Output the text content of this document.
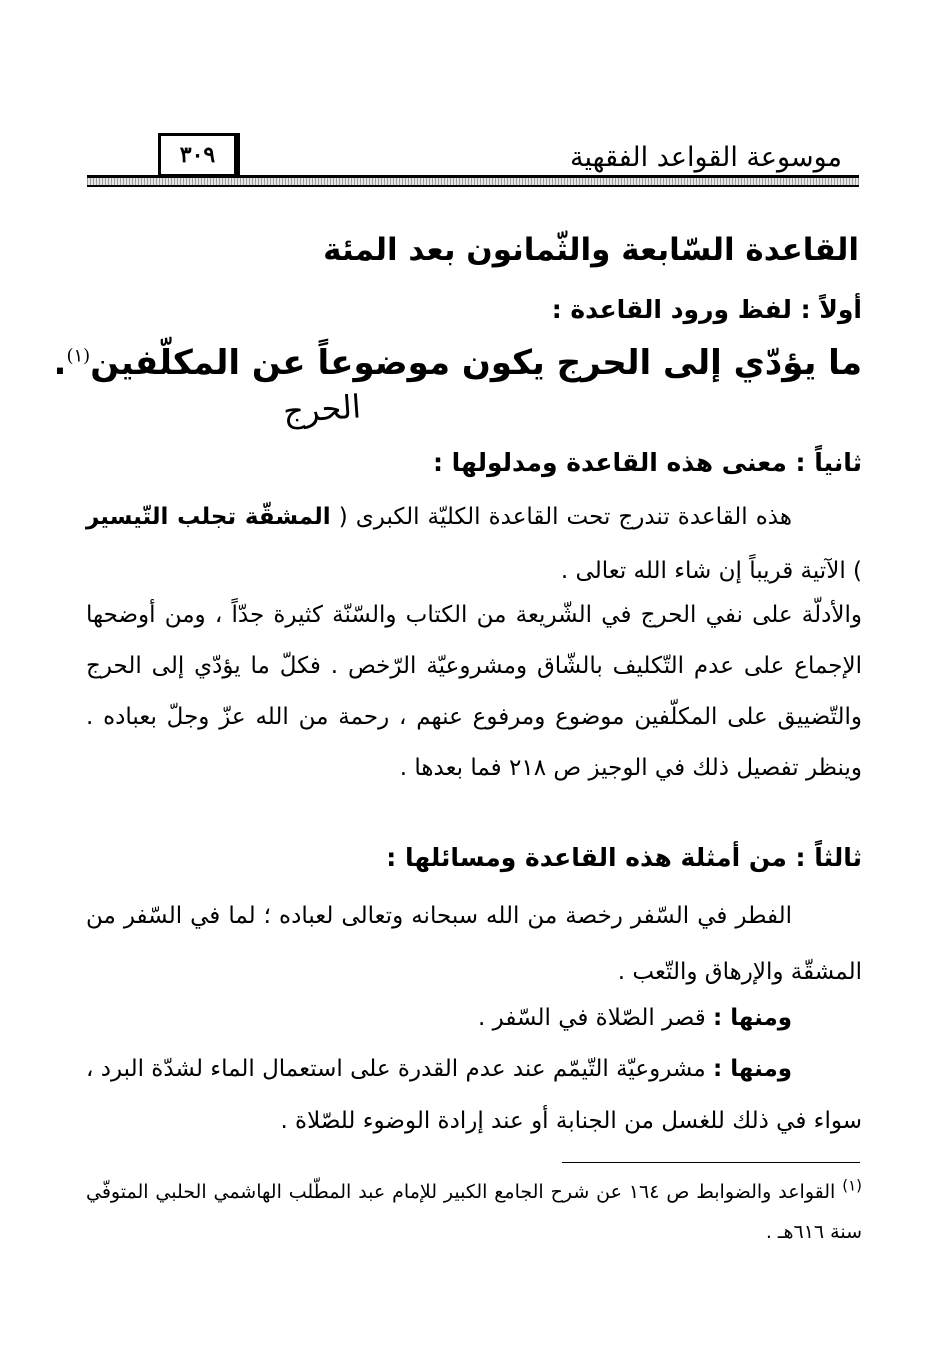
موسوعة القواعد الفقهية
٣٠٩
القاعدة السّابعة والثّمانون بعد المئة
أولاً : لفظ ورود القاعدة :
ما يؤدّي إلى الحرج يكون موضوعاً عن المكلّفين$^{(١)}$.
الحرج
ثانياً : معنى هذه القاعدة ومدلولها :
هذه القاعدة تندرج تحت القاعدة الكليّة الكبرى ( المشقّة تجلب التّيسير ) الآتية قريباً إن شاء الله تعالى .
والأدلّة على نفي الحرج في الشّريعة من الكتاب والسّنّة كثيرة جدّاً ، ومن أوضحها الإجماع على عدم التّكليف بالشّاق ومشروعيّة الرّخص . فكلّ ما يؤدّي إلى الحرج والتّضييق على المكلّفين موضوع ومرفوع عنهم ، رحمة من الله عزّ وجلّ بعباده . وينظر تفصيل ذلك في الوجيز ص ٢١٨ فما بعدها .
ثالثاً : من أمثلة هذه القاعدة ومسائلها :
الفطر في السّفر رخصة من الله سبحانه وتعالى لعباده ؛ لما في السّفر من المشقّة والإرهاق والتّعب .
ومنها : قصر الصّلاة في السّفر .
ومنها : مشروعيّة التّيمّم عند عدم القدرة على استعمال الماء لشدّة البرد ، سواء في ذلك للغسل من الجنابة أو عند إرادة الوضوء للصّلاة .
$^{(١)}$ القواعد والضوابط ص ١٦٤ عن شرح الجامع الكبير للإمام عبد المطّلب الهاشمي الحلبي المتوفّي سنة ٦١٦هـ .
